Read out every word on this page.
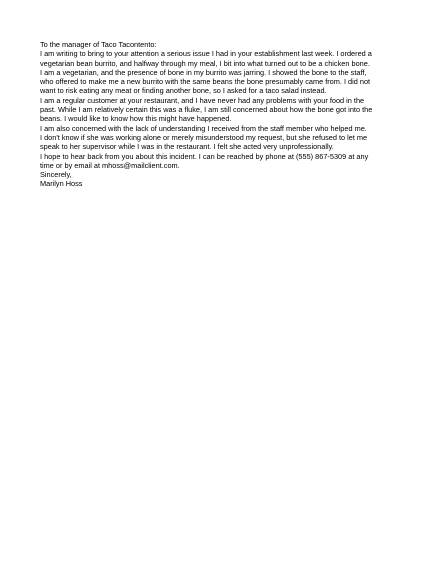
To the manager of Taco Tacontento:

I am writing to bring to your attention a serious issue I had in your establishment last week. I ordered a
vegetarian bean burrito, and halfway through my meal, I bit into what turned out to be a chicken bone.

I am a vegetarian, and the presence of bone in my burrito was jarring. I showed the bone to the staff,
who offered to make me a new burrito with the same beans the bone presumably came from. I did not
want to risk eating any meat or finding another bone, so I asked for a taco salad instead.

I am a regular customer at your restaurant, and I have never had any problems with your food in the
past. While I am relatively certain this was a fluke, I am still concerned about how the bone got into the
beans. I would like to know how this might have happened.

I am also concerned with the lack of understanding I received from the staff member who helped me.
I don't know if she was working alone or merely misunderstood my request, but she refused to let me
speak to her supervisor while I was in the restaurant. I felt she acted very unprofessionally.

I hope to hear back from you about this incident. I can be reached by phone at (555) 867-5309 at any
time or by email at mhoss@mailclient.com.

Sincerely,

Marilyn Hoss
